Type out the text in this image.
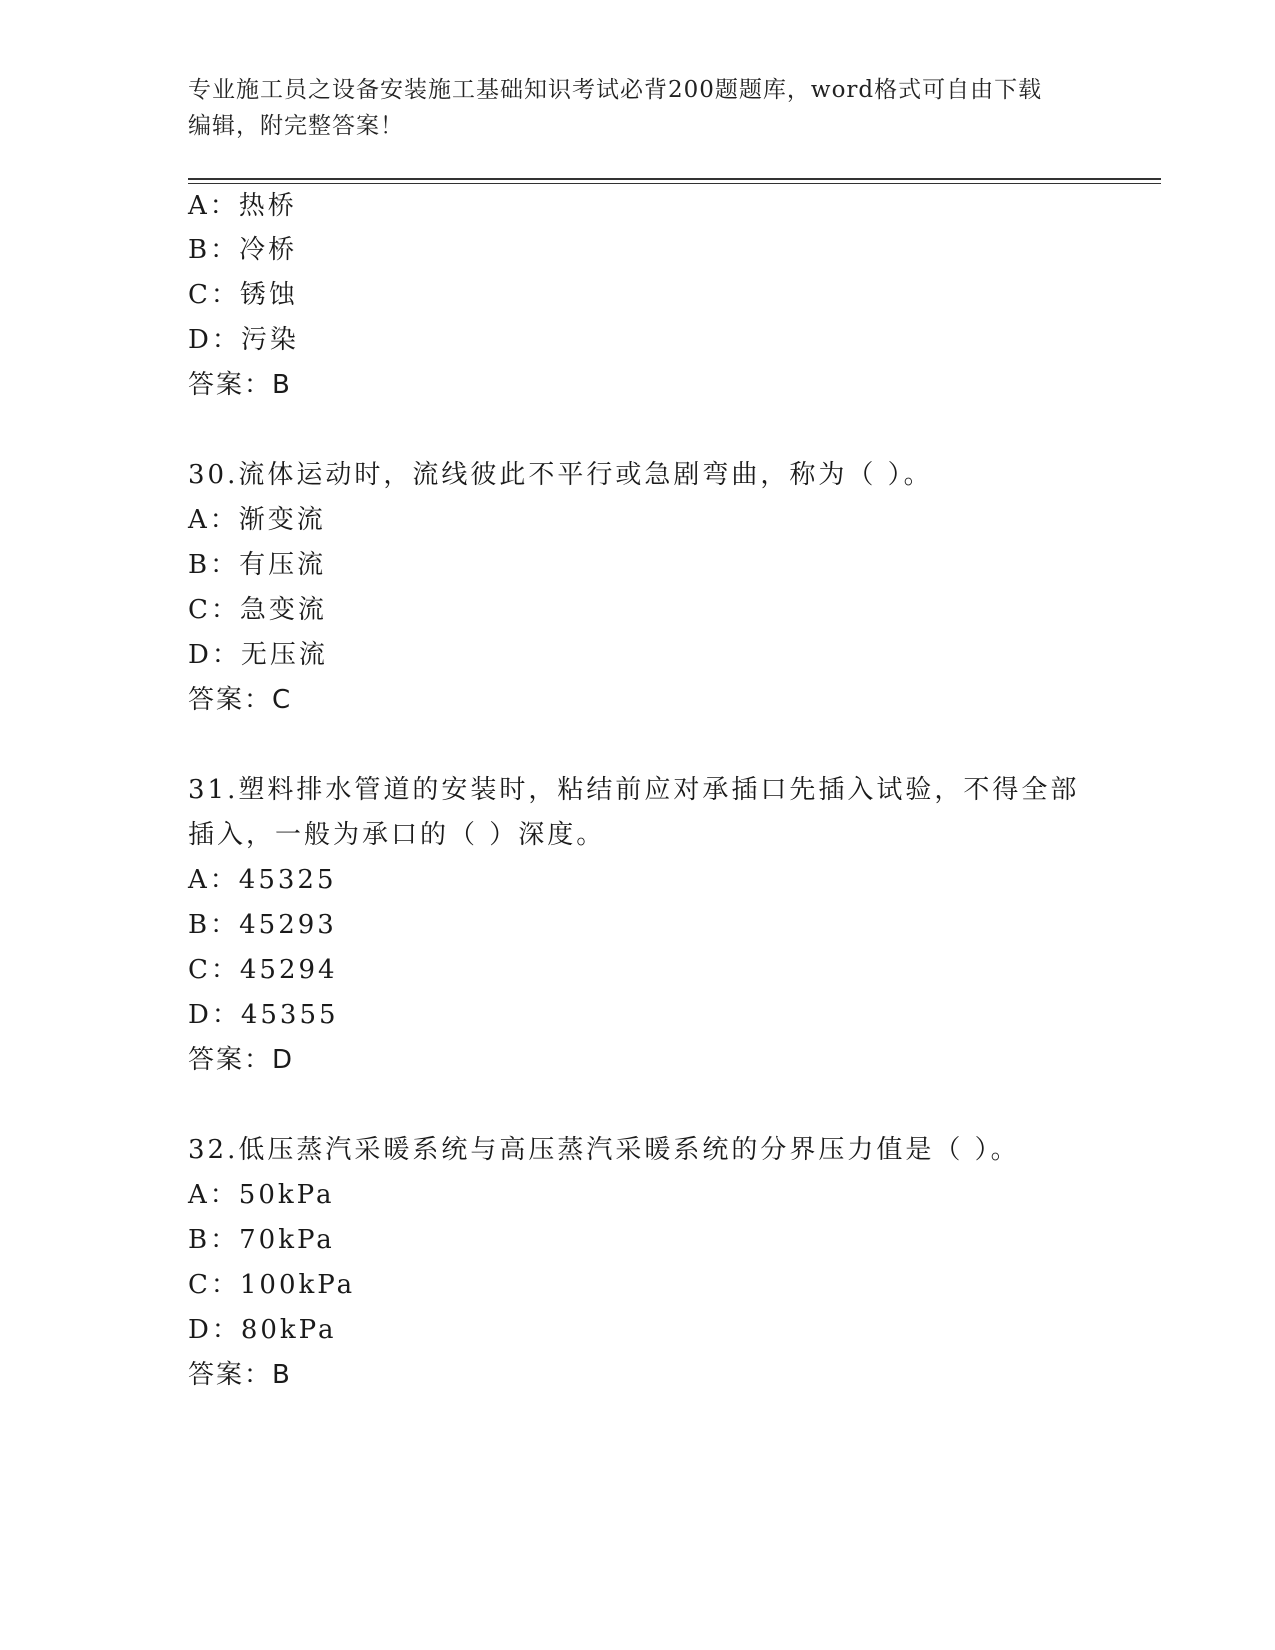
专业施工员之设备安装施工基础知识考试必背200题题库，word格式可自由下载
编辑，附完整答案！
A：热桥
B：冷桥
C：锈蚀
D：污染
答案：B
30.流体运动时，流线彼此不平行或急剧弯曲，称为（ ）。
A：渐变流
B：有压流
C：急变流
D：无压流
答案：C
31.塑料排水管道的安装时，粘结前应对承插口先插入试验，不得全部
插入，一般为承口的（ ）深度。
A：45325
B：45293
C：45294
D：45355
答案：D
32.低压蒸汽采暖系统与高压蒸汽采暖系统的分界压力值是（ ）。
A：50kPa
B：70kPa
C：100kPa
D：80kPa
答案：B
